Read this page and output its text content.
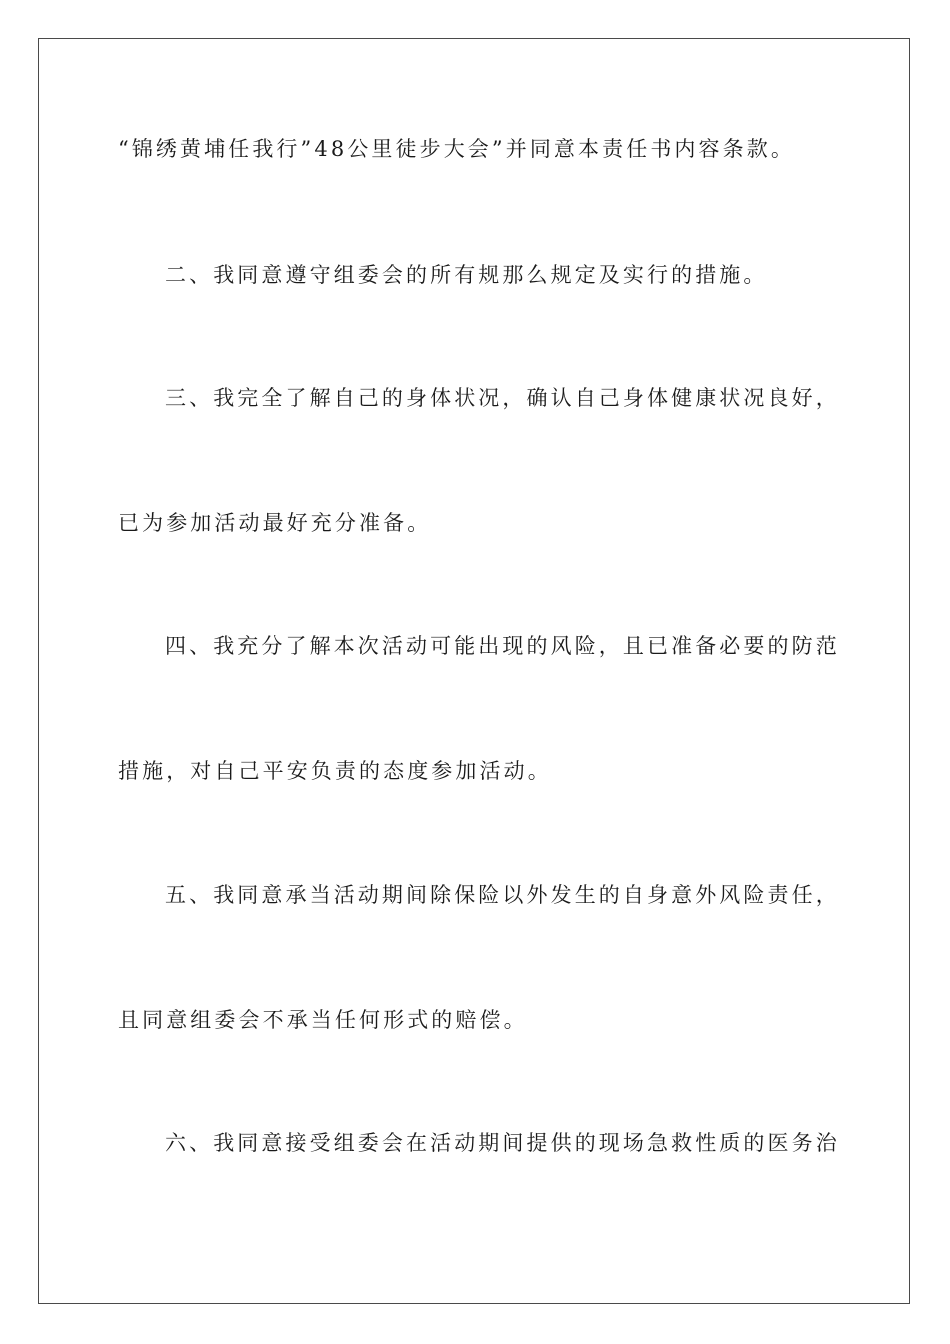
“锦绣黄埔任我行”48公里徒步大会”并同意本责任书内容条款。
二、我同意遵守组委会的所有规那么规定及实行的措施。
三、我完全了解自己的身体状况，确认自己身体健康状况良好，
已为参加活动最好充分准备。
四、我充分了解本次活动可能出现的风险，且已准备必要的防范
措施，对自己平安负责的态度参加活动。
五、我同意承当活动期间除保险以外发生的自身意外风险责任，
且同意组委会不承当任何形式的赔偿。
六、我同意接受组委会在活动期间提供的现场急救性质的医务治
